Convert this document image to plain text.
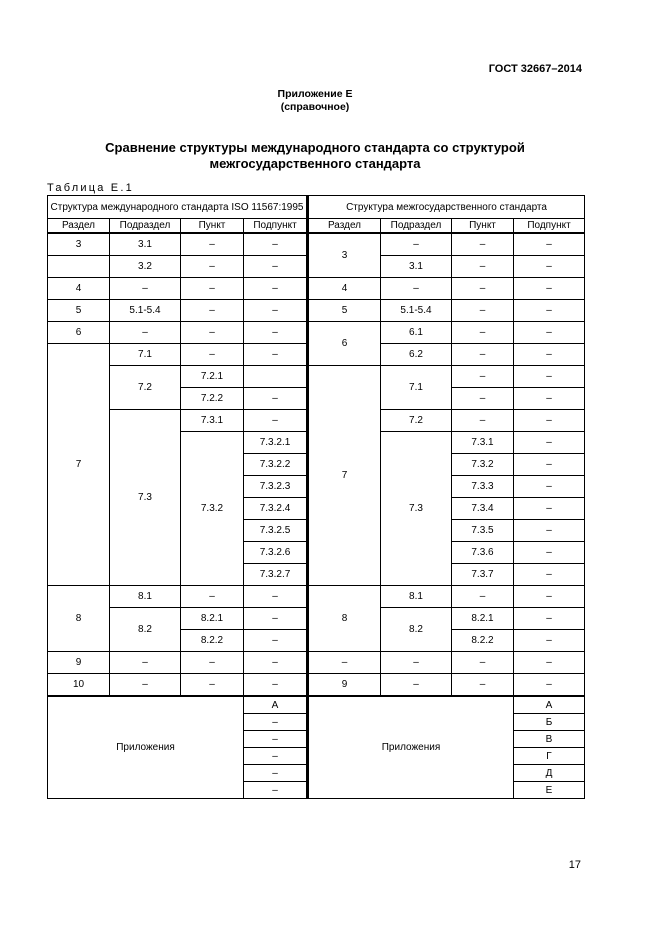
ГОСТ 32667–2014
Приложение Е
(справочное)
Сравнение структуры международного стандарта со структурой
межгосударственного стандарта
Таблица Е.1
Структура международного стандарта ISO 11567:1995				Структура межгосударственного стандарта			
Раздел	Подраздел	Пункт	Подпункт	Раздел	Подраздел	Пункт	Подпункт
3	3.1	–	–	3	–	–	–
	3.2	–	–		3.1	–	–
4	–	–	–	4	–	–	–
5	5.1-5.4	–	–	5	5.1-5.4	–	–
6	–	–	–	6	6.1	–	–
7	7.1	–	–		6.2	–	–
	7.2	7.2.1		7	7.1	–	–
		7.2.2	–			–	–
	7.3	7.3.1	–		7.2	–	–
		7.3.2	7.3.2.1		7.3	7.3.1	–
			7.3.2.2			7.3.2	–
			7.3.2.3			7.3.3	–
			7.3.2.4			7.3.4	–
			7.3.2.5			7.3.5	–
			7.3.2.6			7.3.6	–
			7.3.2.7			7.3.7	–
8	8.1	–	–	8	8.1	–	–
	8.2	8.2.1	–		8.2	8.2.1	–
		8.2.2	–			8.2.2	–
9	–	–	–	–	–	–	–
10	–	–	–	9	–	–	–
Приложения			А	Приложения			А
			–				Б
			–				В
			–				Г
			–				Д
			–				Е
17
